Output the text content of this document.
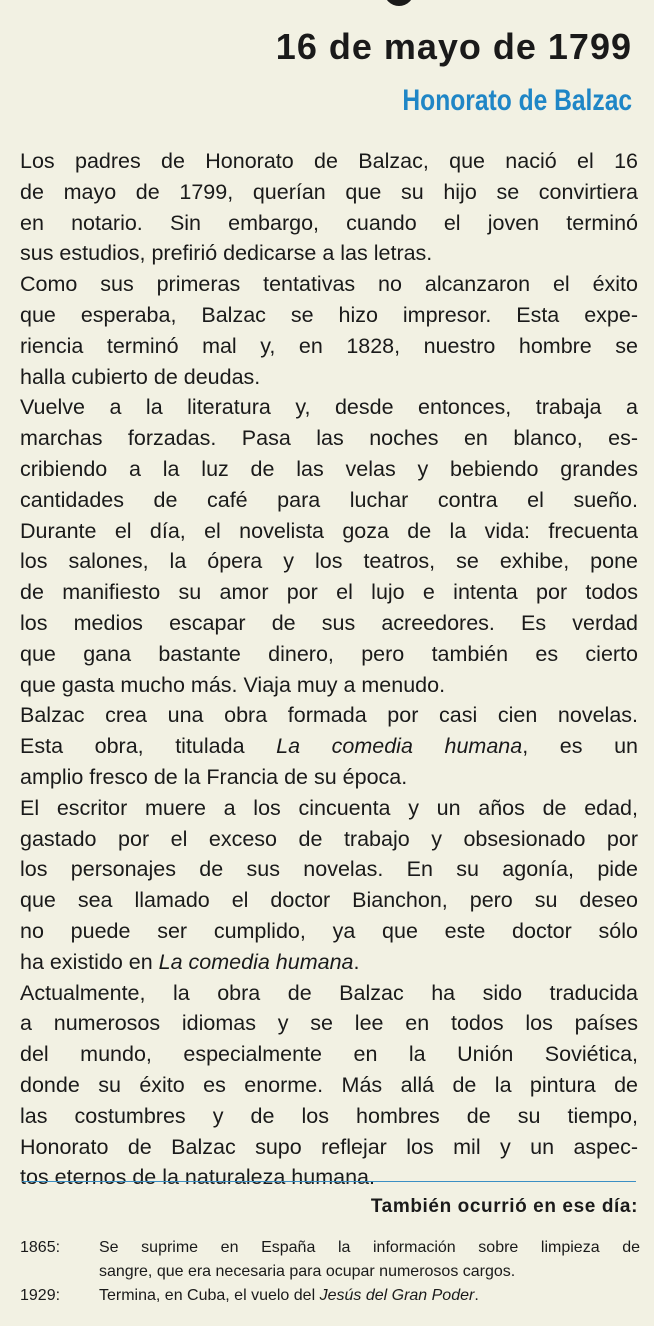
16 de mayo de 1799
Honorato de Balzac
Los padres de Honorato de Balzac, que nació el 16
de mayo de 1799, querían que su hijo se convirtiera
en notario. Sin embargo, cuando el joven terminó
sus estudios, prefirió dedicarse a las letras.
Como sus primeras tentativas no alcanzaron el éxito
que esperaba, Balzac se hizo impresor. Esta expe-
riencia terminó mal y, en 1828, nuestro hombre se
halla cubierto de deudas.
Vuelve a la literatura y, desde entonces, trabaja a
marchas forzadas. Pasa las noches en blanco, es-
cribiendo a la luz de las velas y bebiendo grandes
cantidades de café para luchar contra el sueño.
Durante el día, el novelista goza de la vida: frecuenta
los salones, la ópera y los teatros, se exhibe, pone
de manifiesto su amor por el lujo e intenta por todos
los medios escapar de sus acreedores. Es verdad
que gana bastante dinero, pero también es cierto
que gasta mucho más. Viaja muy a menudo.
Balzac crea una obra formada por casi cien novelas.
Esta obra, titulada La comedia humana, es un
amplio fresco de la Francia de su época.
El escritor muere a los cincuenta y un años de edad,
gastado por el exceso de trabajo y obsesionado por
los personajes de sus novelas. En su agonía, pide
que sea llamado el doctor Bianchon, pero su deseo
no puede ser cumplido, ya que este doctor sólo
ha existido en La comedia humana.
Actualmente, la obra de Balzac ha sido traducida
a numerosos idiomas y se lee en todos los países
del mundo, especialmente en la Unión Soviética,
donde su éxito es enorme. Más allá de la pintura de
las costumbres y de los hombres de su tiempo,
Honorato de Balzac supo reflejar los mil y un aspec-
tos eternos de la naturaleza humana.
También ocurrió en ese día:
1865:	Se suprime en España la información sobre limpieza de
sangre, que era necesaria para ocupar numerosos cargos.
1929:	Termina, en Cuba, el vuelo del Jesús del Gran Poder.
